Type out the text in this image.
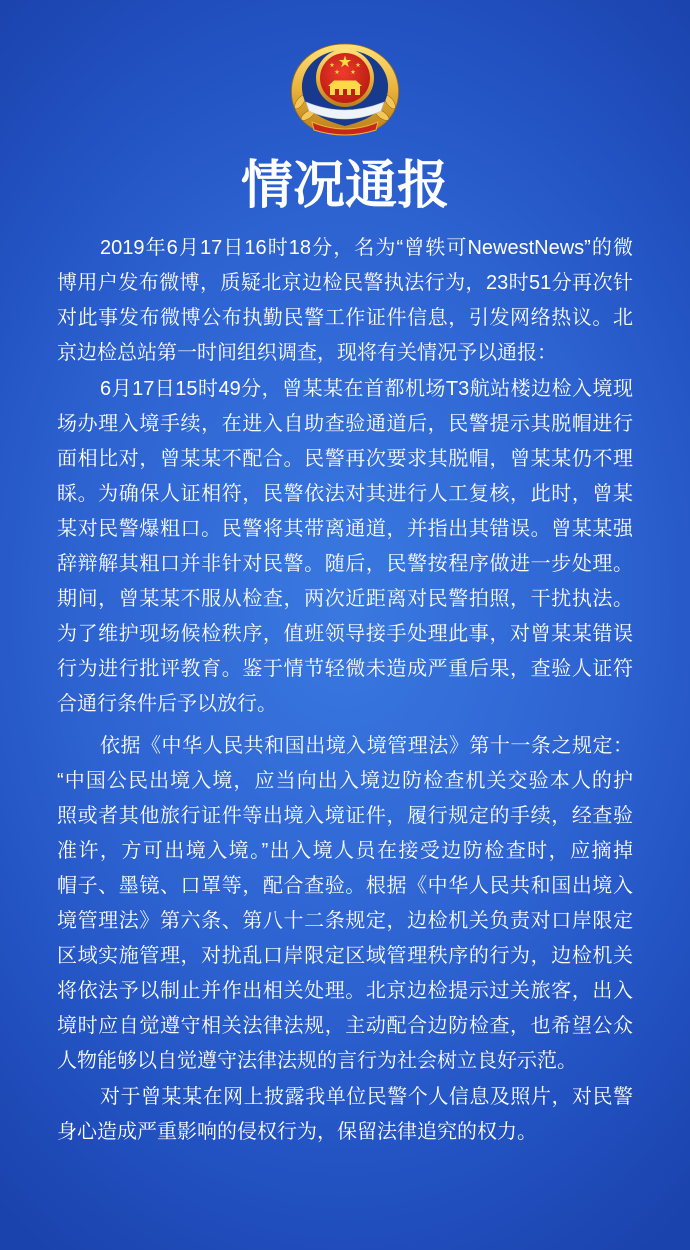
情况通报
2019年6月17日16时18分，名为“曾轶可NewestNews”的微
博用户发布微博，质疑北京边检民警执法行为，23时51分再次针
对此事发布微博公布执勤民警工作证件信息，引发网络热议。北
京边检总站第一时间组织调查，现将有关情况予以通报：
6月17日15时49分，曾某某在首都机场T3航站楼边检入境现
场办理入境手续，在进入自助查验通道后，民警提示其脱帽进行
面相比对，曾某某不配合。民警再次要求其脱帽，曾某某仍不理
睬。为确保人证相符，民警依法对其进行人工复核，此时，曾某
某对民警爆粗口。民警将其带离通道，并指出其错误。曾某某强
辞辩解其粗口并非针对民警。随后，民警按程序做进一步处理。
期间，曾某某不服从检查，两次近距离对民警拍照，干扰执法。
为了维护现场候检秩序，值班领导接手处理此事，对曾某某错误
行为进行批评教育。鉴于情节轻微未造成严重后果，查验人证符
合通行条件后予以放行。
依据《中华人民共和国出境入境管理法》第十一条之规定：
“中国公民出境入境，应当向出入境边防检查机关交验本人的护
照或者其他旅行证件等出境入境证件，履行规定的手续，经查验
准许，方可出境入境。”出入境人员在接受边防检查时，应摘掉
帽子、墨镜、口罩等，配合查验。根据《中华人民共和国出境入
境管理法》第六条、第八十二条规定，边检机关负责对口岸限定
区域实施管理，对扰乱口岸限定区域管理秩序的行为，边检机关
将依法予以制止并作出相关处理。北京边检提示过关旅客，出入
境时应自觉遵守相关法律法规，主动配合边防检查，也希望公众
人物能够以自觉遵守法律法规的言行为社会树立良好示范。
对于曾某某在网上披露我单位民警个人信息及照片，对民警
身心造成严重影响的侵权行为，保留法律追究的权力。
